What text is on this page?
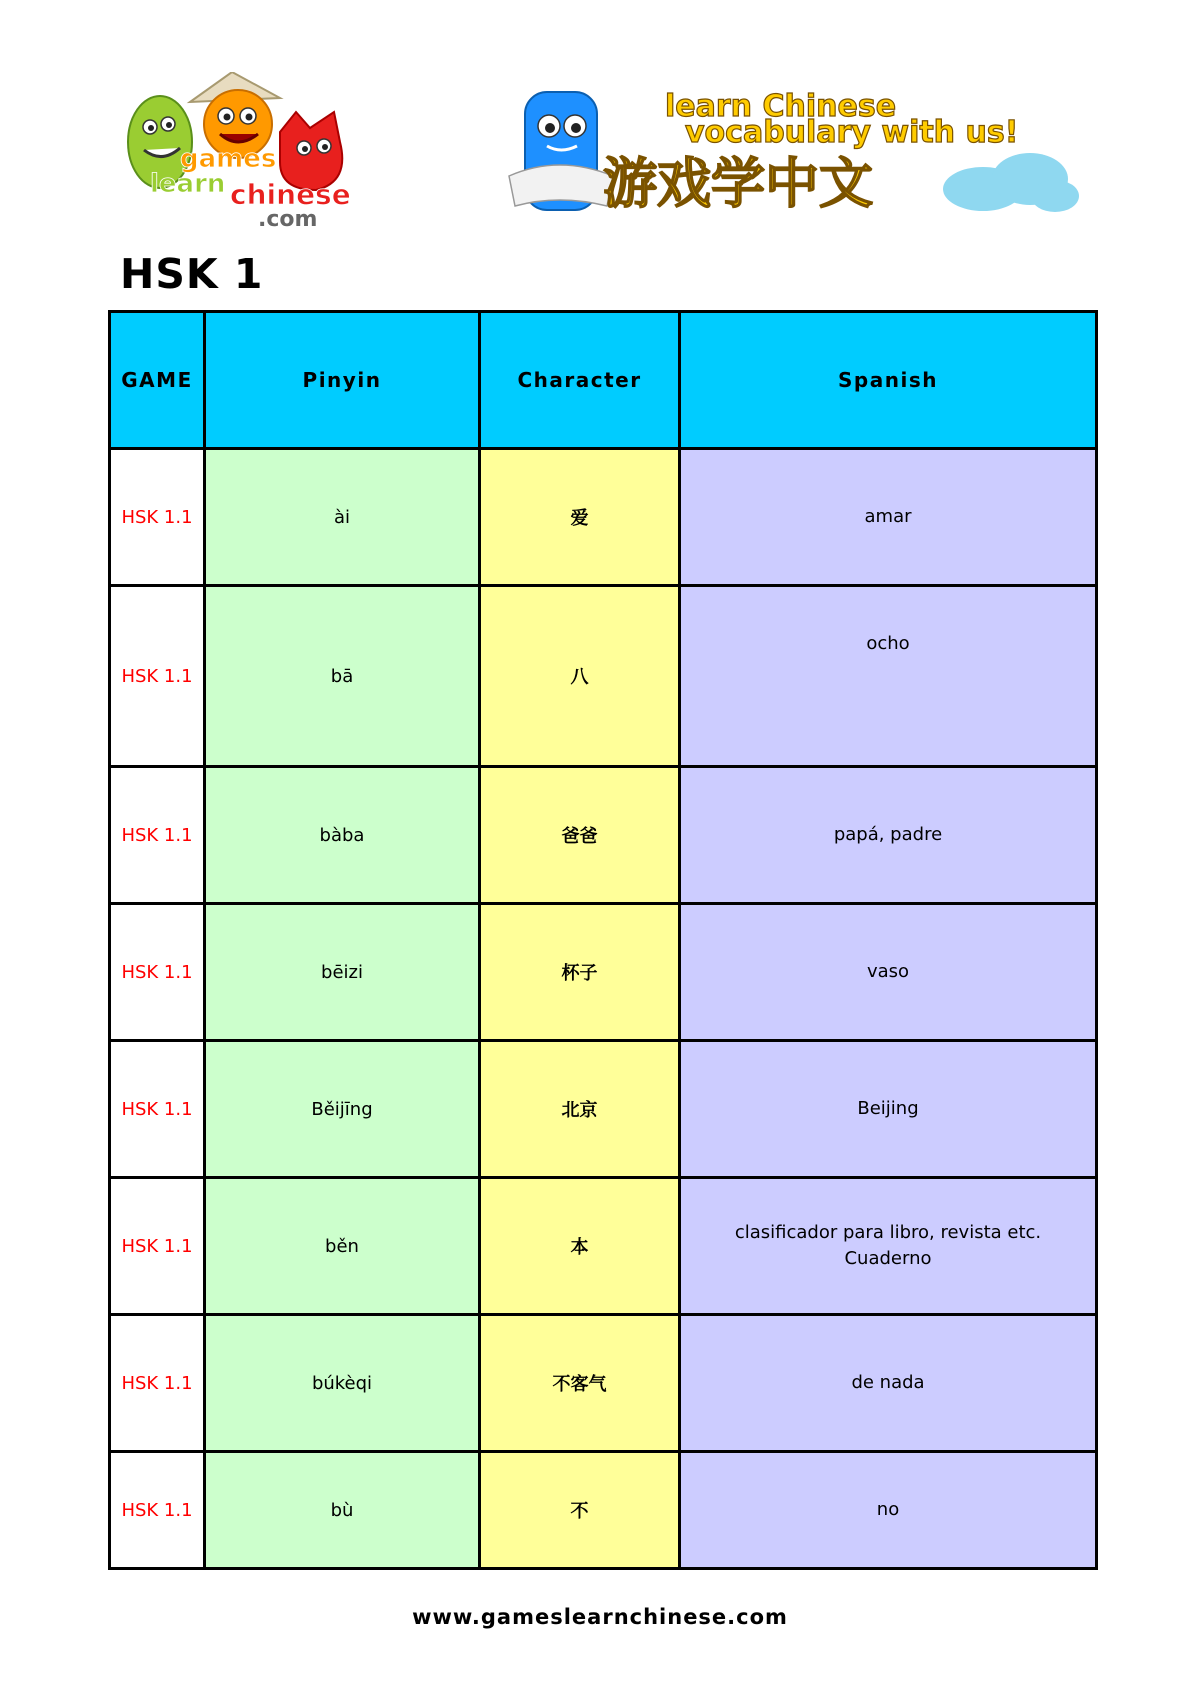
games
learn chinese
.com
learn Chinese
vocabulary with us!
游戏学中文
HSK 1
GAME	Pinyin	Character	Spanish
HSK 1.1	ài	爱	amar
HSK 1.1	bā	八	ocho
HSK 1.1	bàba	爸爸	papá, padre
HSK 1.1	bēizi	杯子	vaso
HSK 1.1	Běijīng	北京	Beijing
HSK 1.1	běn	本	clasificador para libro, revista etc.
Cuaderno
HSK 1.1	búkèqi	不客气	de nada
HSK 1.1	bù	不	no
www.gameslearnchinese.com
